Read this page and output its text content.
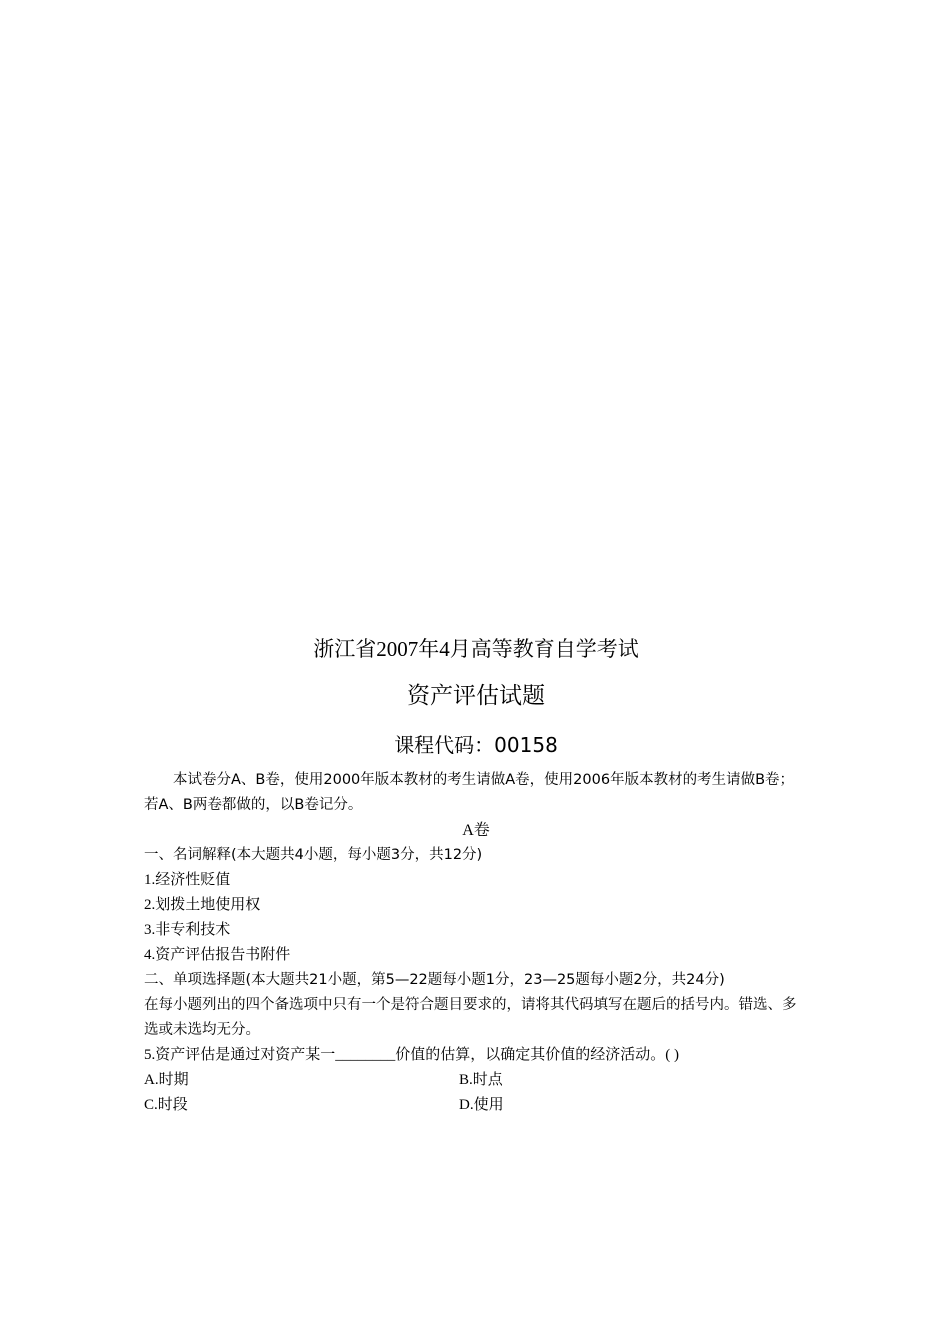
浙江省2007年4月高等教育自学考试
资产评估试题
课程代码：00158
本试卷分A、B卷，使用2000年版本教材的考生请做A卷，使用2006年版本教材的考生请做B卷；若A、B两卷都做的，以B卷记分。
A卷
一、名词解释(本大题共4小题，每小题3分，共12分)
1.经济性贬值
2.划拨土地使用权
3.非专利技术
4.资产评估报告书附件
二、单项选择题(本大题共21小题，第5—22题每小题1分，23—25题每小题2分，共24分)
在每小题列出的四个备选项中只有一个是符合题目要求的，请将其代码填写在题后的括号内。错选、多选或未选均无分。
5.资产评估是通过对资产某一________价值的估算，以确定其价值的经济活动。( )
A.时期	B.时点
C.时段	D.使用
